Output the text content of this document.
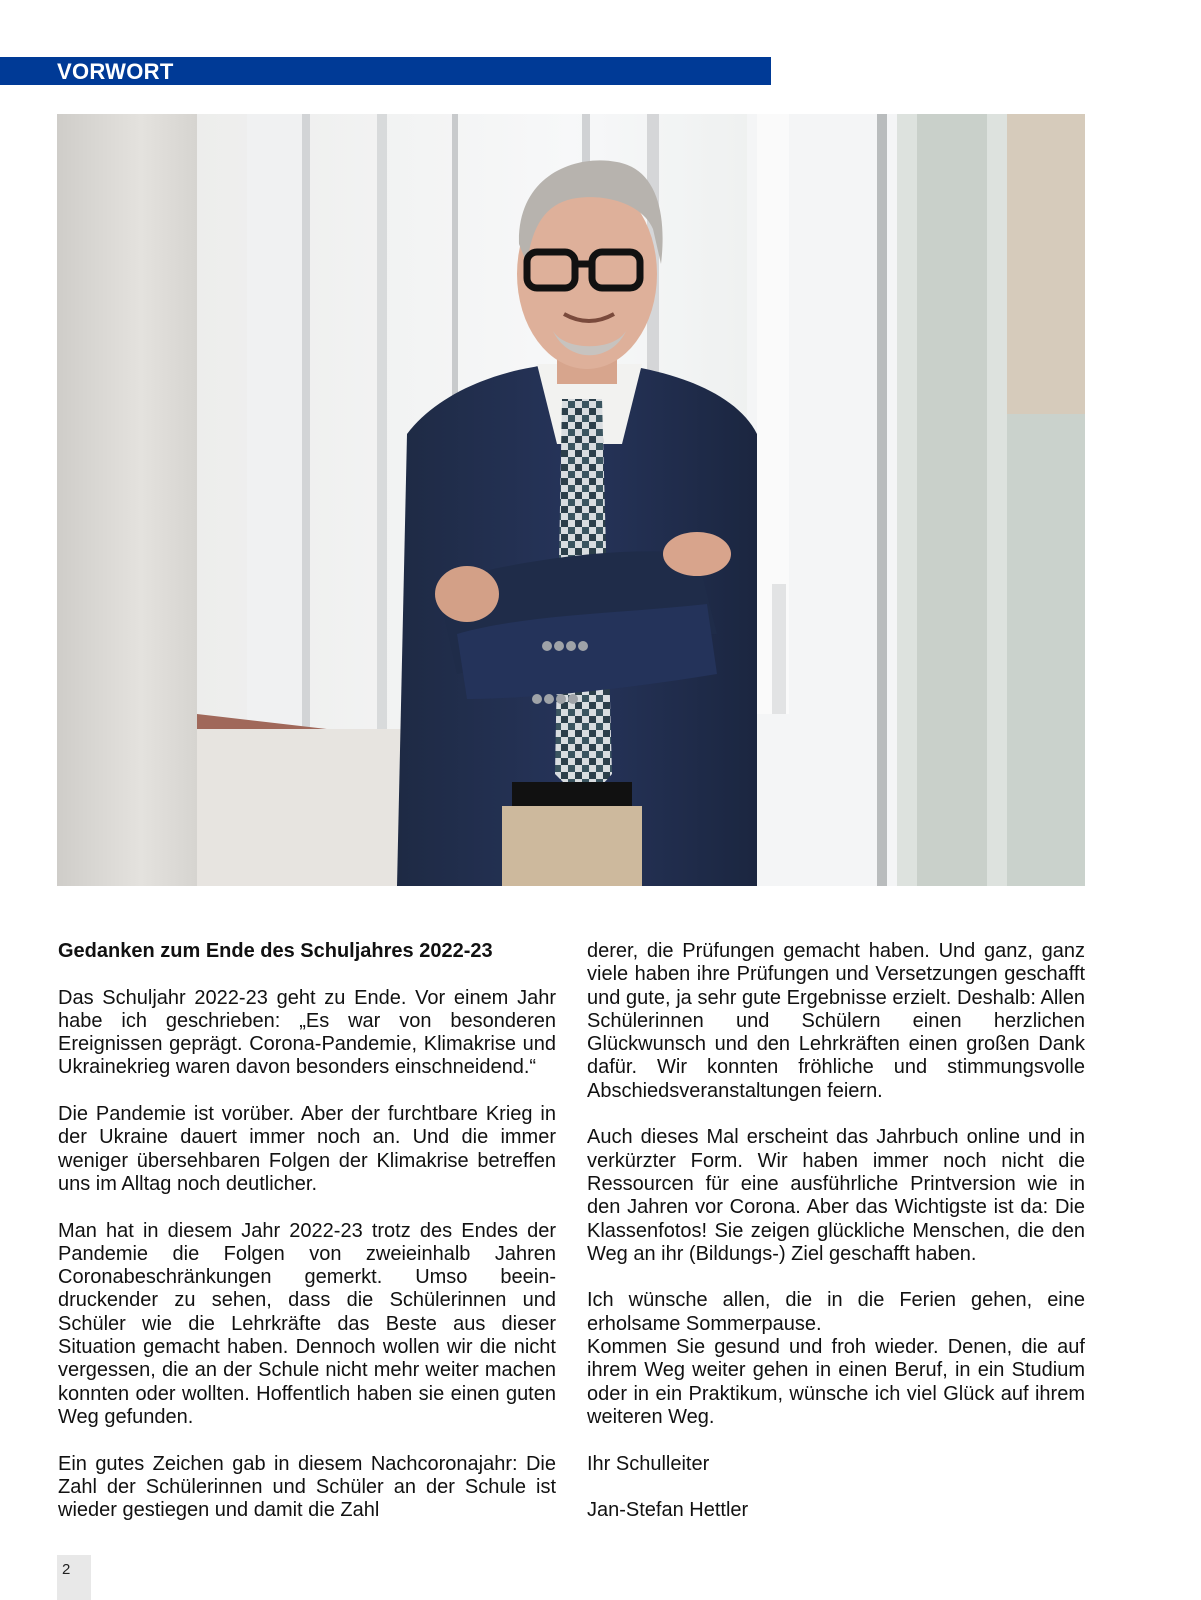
VORWORT
Gedanken zum Ende des Schuljahres 2022-23

Das Schuljahr 2022-23 geht zu Ende. Vor einem Jahr habe ich geschrieben: „Es war von besonderen Ereignissen geprägt. Corona-Pandemie, Klimakrise und Ukrainekrieg waren davon besonders einschneidend.“

Die Pandemie ist vorüber. Aber der furchtbare Krieg in der Ukraine dauert immer noch an. Und die immer weniger übersehbaren Folgen der Klimakrise betreffen uns im Alltag noch deutlicher.

Man hat in diesem Jahr 2022-23 trotz des Endes der Pandemie die Folgen von zweieinhalb Jahren Coronabeschränkungen gemerkt. Umso beeindruckender zu sehen, dass die Schülerinnen und Schüler wie die Lehrkräfte das Beste aus dieser Situation gemacht haben. Dennoch wollen wir die nicht vergessen, die an der Schule nicht mehr weiter machen konnten oder wollten. Hoffentlich haben sie einen guten Weg gefunden.

Ein gutes Zeichen gab in diesem Nachcoronajahr: Die Zahl der Schülerinnen und Schüler an der Schule ist wieder gestiegen und damit die Zahl

derer, die Prüfungen gemacht haben. Und ganz, ganz viele haben ihre Prüfungen und Versetzungen geschafft und gute, ja sehr gute Ergebnisse erzielt. Deshalb: Allen Schülerinnen und Schülern einen herzlichen Glückwunsch und den Lehrkräften einen großen Dank dafür. Wir konnten fröhliche und stimmungsvolle Abschiedsveranstaltungen feiern.

Auch dieses Mal erscheint das Jahrbuch online und in verkürzter Form. Wir haben immer noch nicht die Ressourcen für eine ausführliche Printversion wie in den Jahren vor Corona. Aber das Wichtigste ist da: Die Klassenfotos! Sie zeigen glückliche Menschen, die den Weg an ihr (Bildungs-) Ziel geschafft haben.

Ich wünsche allen, die in die Ferien gehen, eine erholsame Sommerpause.

Kommen Sie gesund und froh wieder. Denen, die auf ihrem Weg weiter gehen in einen Beruf, in ein Studium oder in ein Praktikum, wünsche ich viel Glück auf ihrem weiteren Weg.

Ihr Schulleiter

Jan-Stefan Hettler

2
